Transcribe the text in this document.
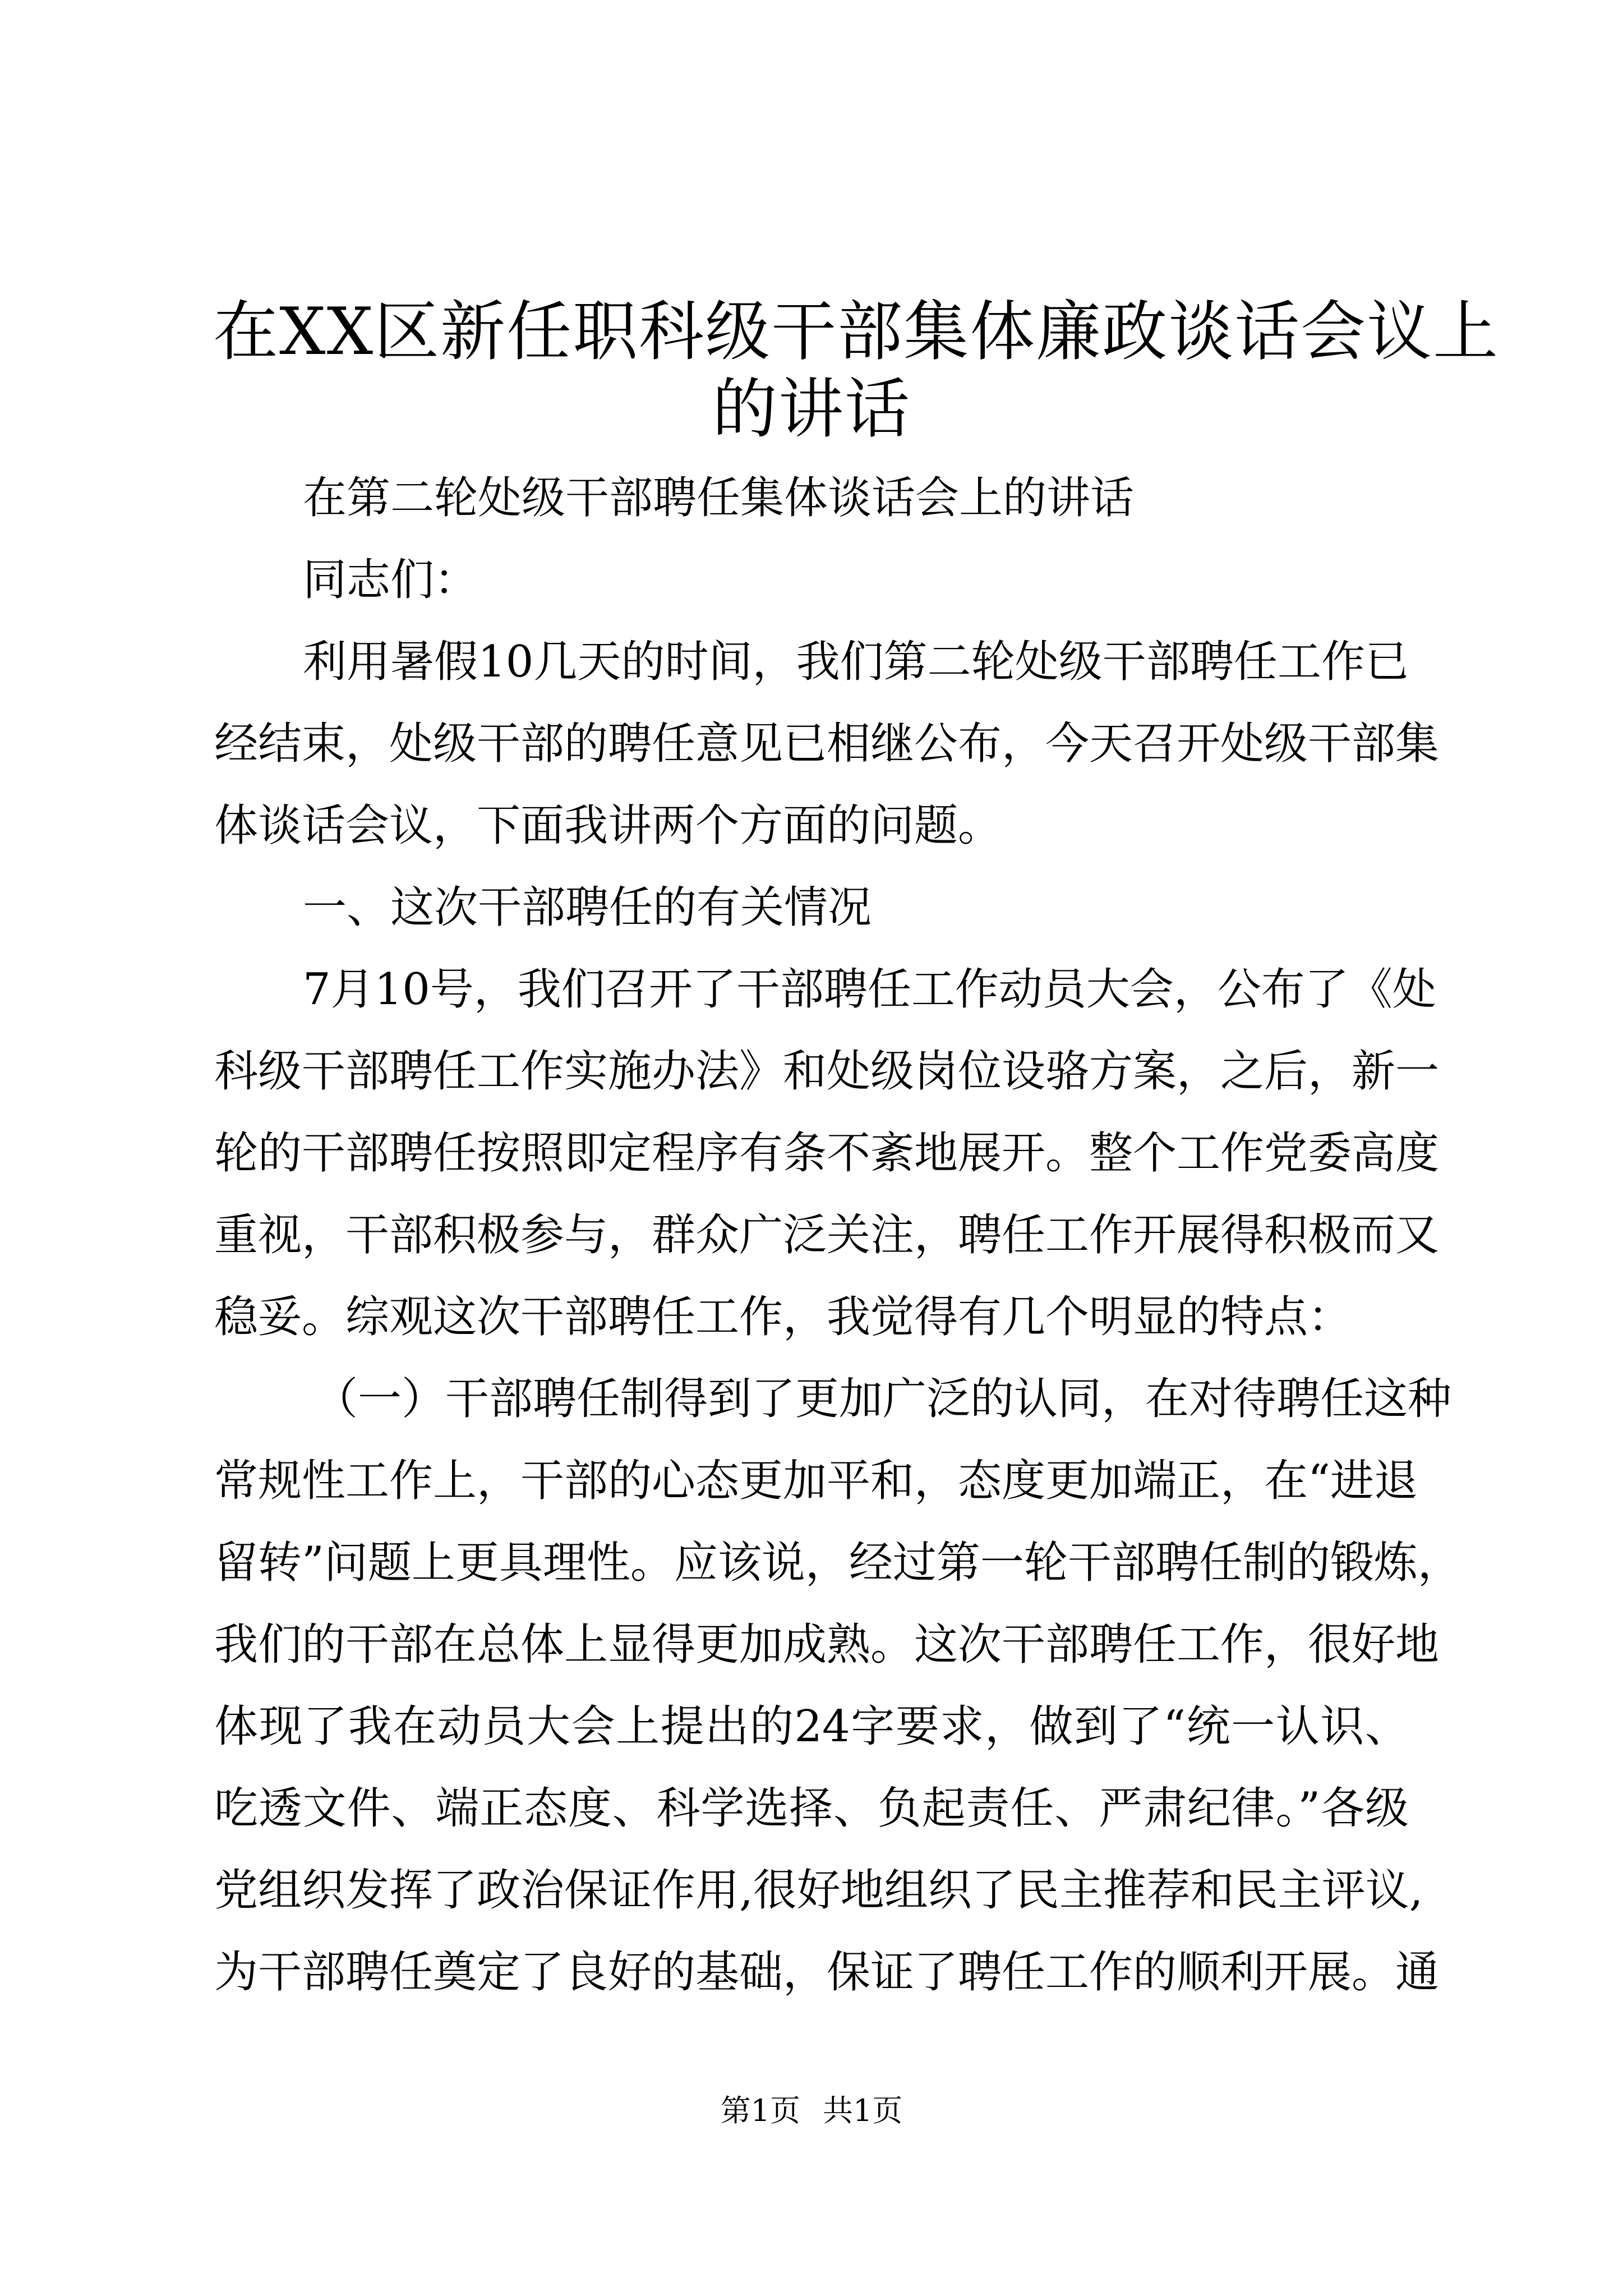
在XX区新任职科级干部集体廉政谈话会议上
的讲话

在第二轮处级干部聘任集体谈话会上的讲话

同志们：

利用暑假10几天的时间，我们第二轮处级干部聘任工作已

经结束，处级干部的聘任意见已相继公布，今天召开处级干部集

体谈话会议，下面我讲两个方面的问题。

一、这次干部聘任的有关情况

7月10号，我们召开了干部聘任工作动员大会，公布了《处

科级干部聘任工作实施办法》和处级岗位设骆方案，之后，新一

轮的干部聘任按照即定程序有条不紊地展开。整个工作党委高度

重视，干部积极参与，群众广泛关注，聘任工作开展得积极而又

稳妥。综观这次干部聘任工作，我觉得有几个明显的特点：

（一）干部聘任制得到了更加广泛的认同，在对待聘任这种

常规性工作上，干部的心态更加平和，态度更加端正，在“进退

留转”问题上更具理性。应该说，经过第一轮干部聘任制的锻炼，

我们的干部在总体上显得更加成熟。这次干部聘任工作，很好地

体现了我在动员大会上提出的24字要求，做到了“统一认识、

吃透文件、端正态度、科学选择、负起责任、严肃纪律。”各级

党组织发挥了政治保证作用,很好地组织了民主推荐和民主评议,

为干部聘任奠定了良好的基础，保证了聘任工作的顺利开展。通

第1页 共1页
